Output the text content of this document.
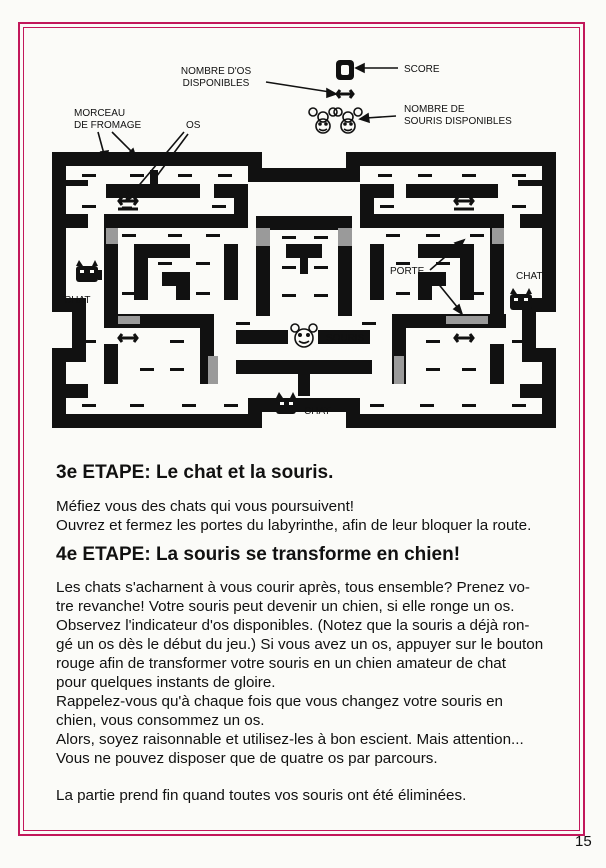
NOMBRE D'OS
DISPONIBLES
SCORE
NOMBRE DE
SOURIS DISPONIBLES
MORCEAU
DE FROMAGE	OS
PORTE
CHAT
CHAT
CHAT
SOURIS
3e ETAPE: Le chat et la souris.
Méfiez vous des chats qui vous poursuivent!
Ouvrez et fermez les portes du labyrinthe, afin de leur bloquer la route.
4e ETAPE: La souris se transforme en chien!
Les chats s'acharnent à vous courir après, tous ensemble? Prenez vo-
tre revanche! Votre souris peut devenir un chien, si elle ronge un os.
Observez l'indicateur d'os disponibles. (Notez que la souris a déjà ron-
gé un os dès le début du jeu.) Si vous avez un os, appuyer sur le bouton
rouge afin de transformer votre souris en un chien amateur de chat
pour quelques instants de gloire.
Rappelez-vous qu'à chaque fois que vous changez votre souris en
chien, vous consommez un os.
Alors, soyez raisonnable et utilisez-les à bon escient. Mais attention...
Vous ne pouvez disposer que de quatre os par parcours.
La partie prend fin quand toutes vos souris ont été éliminées.
15
